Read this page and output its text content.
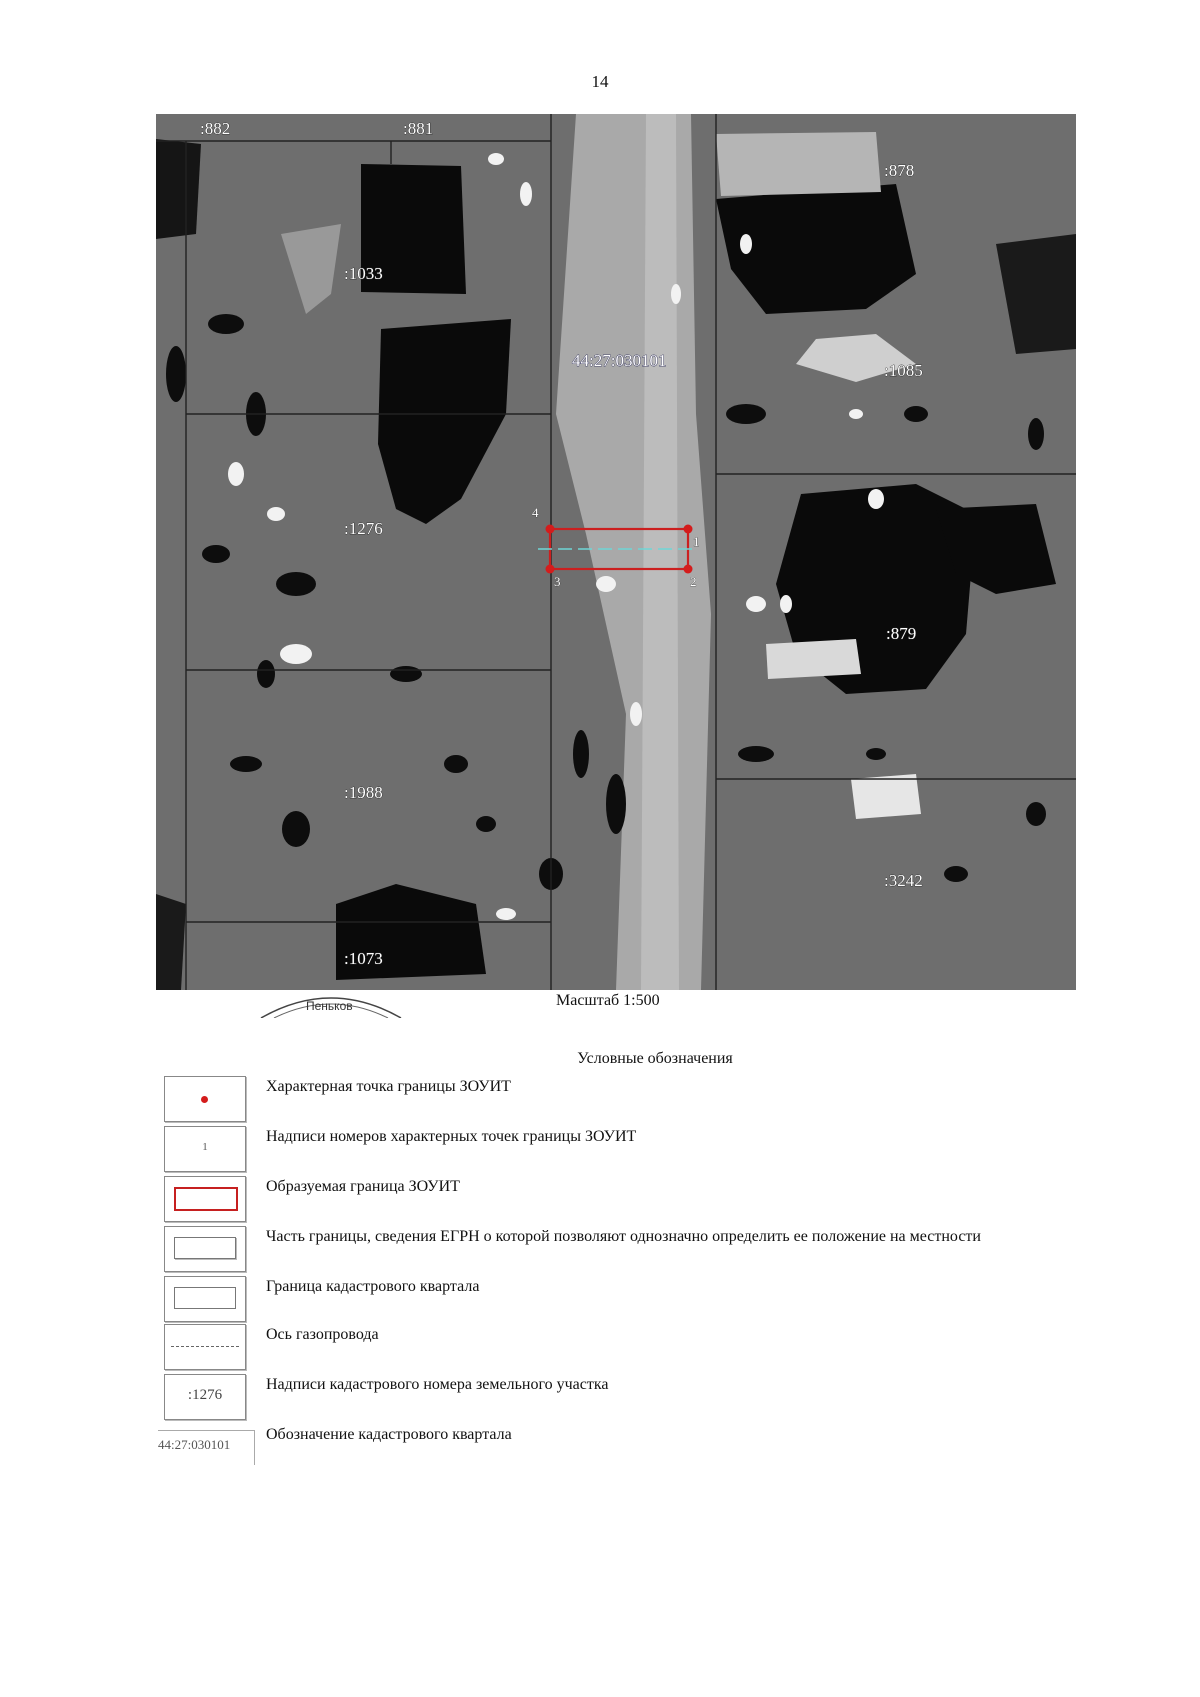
14
1
2
3
4
:882	:881
:878
:1033
:1085
:1276
:879
:1988
:3242
:1073
44:27:030101
Пеньков	Масштаб 1:500
Условные обозначения
Характерная точка границы ЗОУИТ
1
Надписи номеров характерных точек границы ЗОУИТ
Образуемая граница ЗОУИТ
Часть границы, сведения ЕГРН о которой позволяют однозначно определить ее положение на местности
Граница кадастрового квартала
Ось газопровода
:1276
Надписи кадастрового номера земельного участка
Обозначение кадастрового квартала
44:27:030101
